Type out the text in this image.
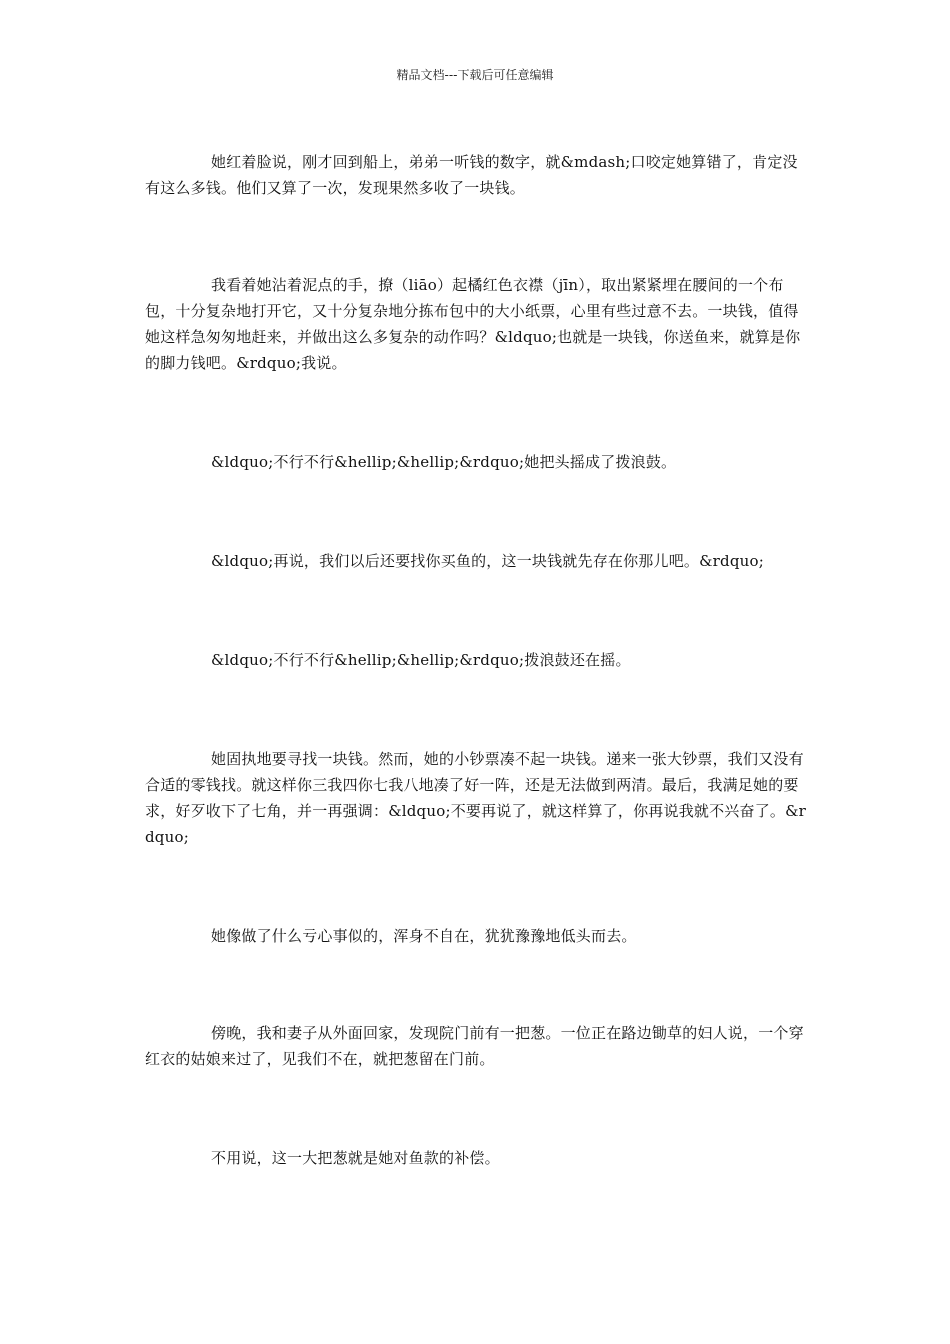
精品文档---下载后可任意编辑

她红着脸说，刚才回到船上，弟弟一听钱的数字，就&mdash;口咬定她算错了，肯定没有这么多钱。他们又算了一次，发现果然多收了一块钱。

我看着她沾着泥点的手，撩（liāo）起橘红色衣襟（jīn），取出紧紧埋在腰间的一个布包，十分复杂地打开它，又十分复杂地分拣布包中的大小纸票，心里有些过意不去。一块钱，值得她这样急匆匆地赶来，并做出这么多复杂的动作吗？&ldquo;也就是一块钱，你送鱼来，就算是你的脚力钱吧。&rdquo;我说。

&ldquo;不行不行&hellip;&hellip;&rdquo;她把头摇成了拨浪鼓。

&ldquo;再说，我们以后还要找你买鱼的，这一块钱就先存在你那儿吧。&rdquo;

&ldquo;不行不行&hellip;&hellip;&rdquo;拨浪鼓还在摇。

她固执地要寻找一块钱。然而，她的小钞票凑不起一块钱。递来一张大钞票，我们又没有合适的零钱找。就这样你三我四你七我八地凑了好一阵，还是无法做到两清。最后，我满足她的要求，好歹收下了七角，并一再强调：&ldquo;不要再说了，就这样算了，你再说我就不兴奋了。&rdquo;

她像做了什么亏心事似的，浑身不自在，犹犹豫豫地低头而去。

傍晚，我和妻子从外面回家，发现院门前有一把葱。一位正在路边锄草的妇人说，一个穿红衣的姑娘来过了，见我们不在，就把葱留在门前。

不用说，这一大把葱就是她对鱼款的补偿。
